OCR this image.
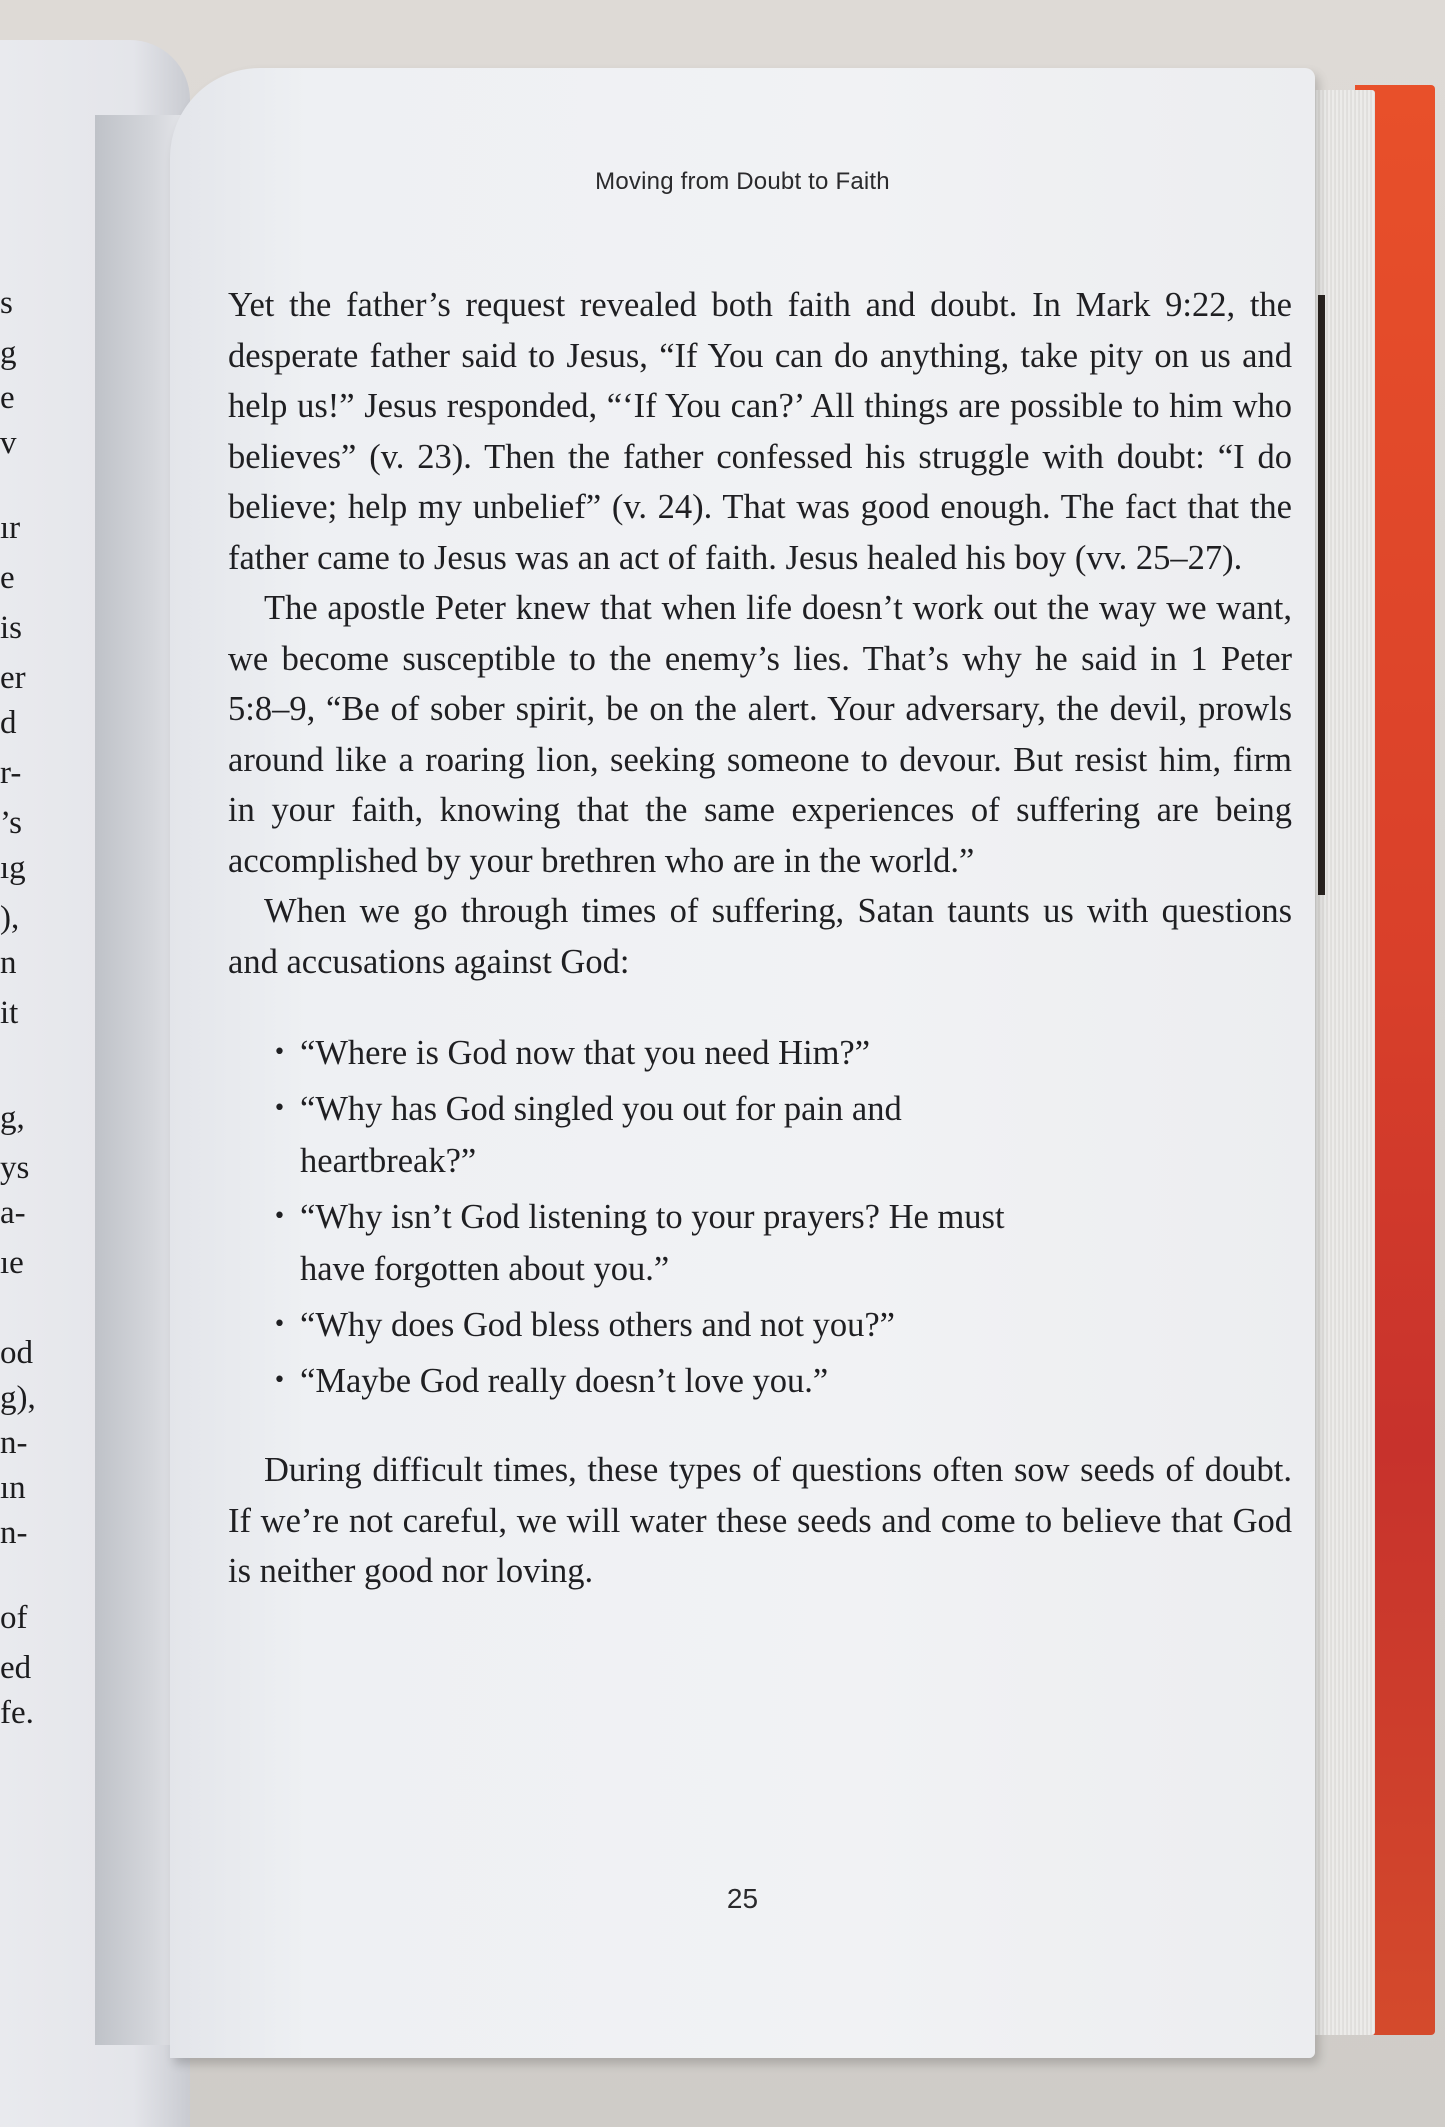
s
g
e
v
ır
e
is
er
d
r-
’s
ıg
),
n
it
g,
ys
a-
ıe
od
g),
n-
ın
n-
of
ed
fe.
Moving from Doubt to Faith

Yet the father’s request revealed both faith and doubt. In Mark 9:22, the desperate father said to Jesus, “If You can do anything, take pity on us and help us!” Jesus responded, “‘If You can?’ All things are possible to him who believes” (v. 23). Then the father confessed his struggle with doubt: “I do believe; help my unbelief” (v. 24). That was good enough. The fact that the father came to Jesus was an act of faith. Jesus healed his boy (vv. 25–27).

The apostle Peter knew that when life doesn’t work out the way we want, we become susceptible to the enemy’s lies. That’s why he said in 1 Peter 5:8–9, “Be of sober spirit, be on the alert. Your adversary, the devil, prowls around like a roaring lion, seeking someone to devour. But resist him, firm in your faith, knowing that the same experiences of suffering are being accomplished by your brethren who are in the world.”

When we go through times of suffering, Satan taunts us with questions and accusations against God:

• “Where is God now that you need Him?”
• “Why has God singled you out for pain and heartbreak?”
• “Why isn’t God listening to your prayers? He must have forgotten about you.”
• “Why does God bless others and not you?”
• “Maybe God really doesn’t love you.”

During difficult times, these types of questions often sow seeds of doubt. If we’re not careful, we will water these seeds and come to believe that God is neither good nor loving.

25
